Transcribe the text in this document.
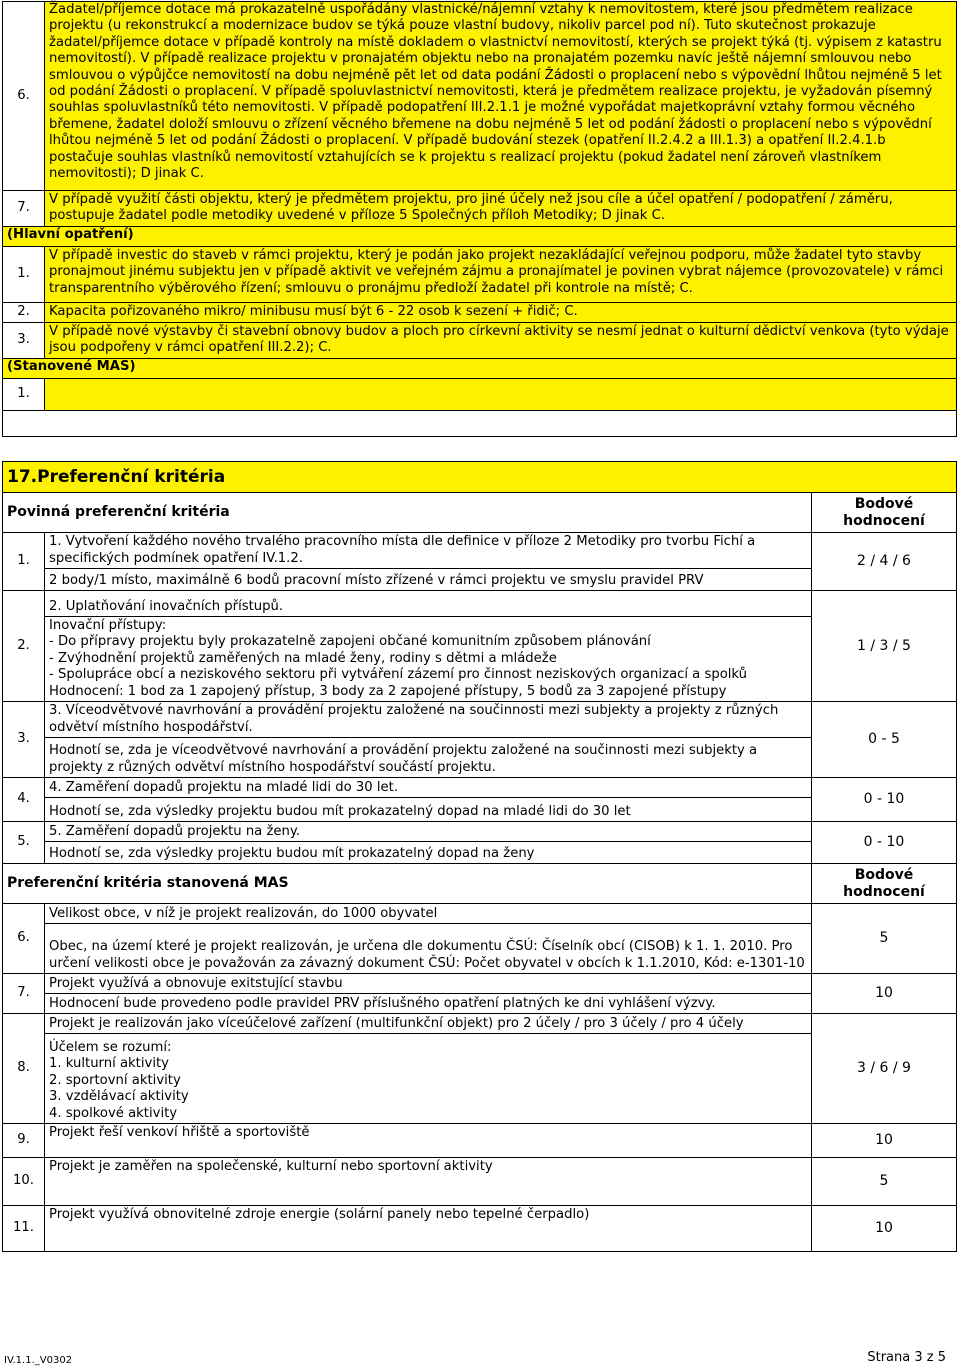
6.	Žadatel/příjemce dotace má prokazatelně uspořádány vlastnické/nájemní vztahy k nemovitostem, které jsou předmětem realizace projektu (u rekonstrukcí a modernizace budov se týká pouze vlastní budovy, nikoliv parcel pod ní). Tuto skutečnost prokazuje žadatel/příjemce dotace v případě kontroly na místě dokladem o vlastnictví nemovitostí, kterých se projekt týká (tj. výpisem z katastru nemovitostí). V případě realizace projektu v pronajatém objektu nebo na pronajatém pozemku navíc ještě nájemní smlouvou nebo smlouvou o výpůjčce nemovitostí na dobu nejméně pět let od data podání Žádosti o proplacení nebo s výpovědní lhůtou nejméně 5 let od podání Žádosti o proplacení. V případě spoluvlastnictví nemovitosti, která je předmětem realizace projektu, je vyžadován písemný souhlas spoluvlastníků této nemovitosti. V případě podopatření III.2.1.1 je možné vypořádat majetkoprávní vztahy formou věcného břemene, žadatel doloží smlouvu o zřízení věcného břemene na dobu nejméně 5 let od podání žádosti o proplacení nebo s výpovědní lhůtou nejméně 5 let od podání Žádosti o proplacení. V případě budování stezek (opatření II.2.4.2 a III.1.3) a opatření II.2.4.1.b postačuje souhlas vlastníků nemovitostí vztahujících se k projektu s realizací projektu (pokud žadatel není zároveň vlastníkem nemovitosti); D jinak C.
7.	V případě využití části objektu, který je předmětem projektu, pro jiné účely než jsou cíle a účel opatření / podopatření / záměru, postupuje žadatel podle metodiky uvedené v příloze 5 Společných příloh Metodiky; D jinak C.
(Hlavní opatření)	
1.	V případě investic do staveb v rámci projektu, který je podán jako projekt nezakládající veřejnou podporu, může žadatel tyto stavby pronajmout jinému subjektu jen v případě aktivit ve veřejném zájmu a pronajímatel je povinen vybrat nájemce (provozovatele) v rámci transparentního výběrového řízení; smlouvu o pronájmu předloží žadatel při kontrole na místě; C.
2.	Kapacita pořizovaného mikro/ minibusu musí být 6 - 22 osob k sezení + řidič; C.
3.	V případě nové výstavby či stavební obnovy budov a ploch pro církevní aktivity se nesmí jednat o kulturní dědictví venkova (tyto výdaje jsou podpořeny v rámci opatření III.2.2); C.
(Stanovené MAS)	
1.	

17.Preferenční kritéria		
Povinná preferenční kritéria		Bodové hodnocení
1.	1. Vytvoření každého nového trvalého pracovního místa dle definice v příloze 2 Metodiky pro tvorbu Fichí a specifických podmínek opatření IV.1.2.	2 / 4 / 6
	2 body/1 místo, maximálně 6 bodů pracovní místo zřízené v rámci projektu ve smyslu pravidel PRV	
2.	2. Uplatňování inovačních přístupů.	1 / 3 / 5
	Inovační přístupy:
- Do přípravy projektu byly prokazatelně zapojeni občané komunitním způsobem plánování
- Zvýhodnění projektů zaměřených na mladé ženy, rodiny s dětmi a mládeže
- Spolupráce obcí a neziskového sektoru při vytváření zázemí pro činnost neziskových organizací a spolků
Hodnocení: 1 bod za 1 zapojený přístup, 3 body za 2 zapojené přístupy, 5 bodů za 3 zapojené přístupy	
3.	3. Víceodvětvové navrhování a provádění projektu založené na součinnosti mezi subjekty a projekty z různých odvětví místního hospodářství.	0 - 5
	Hodnotí se, zda je víceodvětvové navrhování a provádění projektu založené na součinnosti mezi subjekty a projekty z různých odvětví místního hospodářství součástí projektu.	
4.	4. Zaměření dopadů projektu na mladé lidi do 30 let.	0 - 10
	Hodnotí se, zda výsledky projektu budou mít prokazatelný dopad na mladé lidi do 30 let	
5.	5. Zaměření dopadů projektu na ženy.	0 - 10
	Hodnotí se, zda výsledky projektu budou mít prokazatelný dopad na ženy	
Preferenční kritéria stanovená MAS		Bodové hodnocení
6.	Velikost obce, v níž je projekt realizován, do 1000 obyvatel	5
	Obec, na území které je projekt realizován, je určena dle dokumentu ČSÚ: Číselník obcí (CISOB) k 1. 1. 2010. Pro určení velikosti obce je považován za závazný dokument ČSÚ: Počet obyvatel v obcích k 1.1.2010, Kód: e-1301-10	
7.	Projekt využívá a obnovuje exitstující stavbu	10
	Hodnocení bude provedeno podle pravidel PRV příslušného opatření platných ke dni vyhlášení výzvy.	
8.	Projekt je realizován jako víceúčelové zařízení (multifunkční objekt) pro 2 účely / pro 3 účely / pro 4 účely	3 / 6 / 9
	Účelem se rozumí:
1. kulturní aktivity
2. sportovní aktivity
3. vzdělávací aktivity
4. spolkové aktivity	
9.	Projekt řeší venkoví hřiště a sportoviště	10
10.	Projekt je zaměřen na společenské, kulturní nebo sportovní aktivity	5
11.	Projekt využívá obnovitelné zdroje energie (solární panely nebo tepelné čerpadlo)	10
IV.1.1._V0302	Strana 3 z 5
